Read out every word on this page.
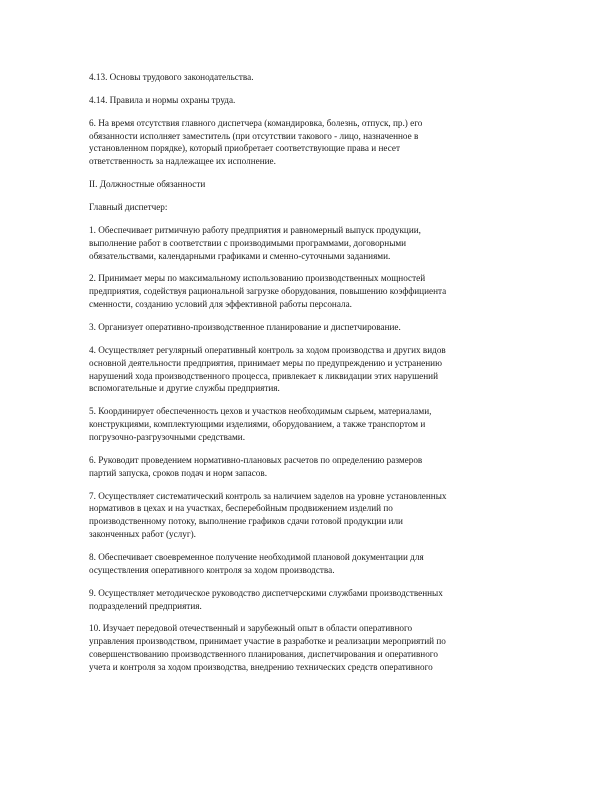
4.13. Основы трудового законодательства.

4.14. Правила и нормы охраны труда.

6. На время отсутствия главного диспетчера (командировка, болезнь, отпуск, пр.) его
обязанности исполняет заместитель (при отсутствии такового - лицо, назначенное в
установленном порядке), который приобретает соответствующие права и несет
ответственность за надлежащее их исполнение.

II. Должностные обязанности

Главный диспетчер:

1. Обеспечивает ритмичную работу предприятия и равномерный выпуск продукции,
выполнение работ в соответствии с производимыми программами, договорными
обязательствами, календарными графиками и сменно-суточными заданиями.

2. Принимает меры по максимальному использованию производственных мощностей
предприятия, содействуя рациональной загрузке оборудования, повышению коэффициента
сменности, созданию условий для эффективной работы персонала.

3. Организует оперативно-производственное планирование и диспетчирование.

4. Осуществляет регулярный оперативный контроль за ходом производства и других видов
основной деятельности предприятия, принимает меры по предупреждению и устранению
нарушений хода производственного процесса, привлекает к ликвидации этих нарушений
вспомогательные и другие службы предприятия.

5. Координирует обеспеченность цехов и участков необходимым сырьем, материалами,
конструкциями, комплектующими изделиями, оборудованием, а также транспортом и
погрузочно-разгрузочными средствами.

6. Руководит проведением нормативно-плановых расчетов по определению размеров
партий запуска, сроков подач и норм запасов.

7. Осуществляет систематический контроль за наличием заделов на уровне установленных
нормативов в цехах и на участках, бесперебойным продвижением изделий по
производственному потоку, выполнение графиков сдачи готовой продукции или
законченных работ (услуг).

8. Обеспечивает своевременное получение необходимой плановой документации для
осуществления оперативного контроля за ходом производства.

9. Осуществляет методическое руководство диспетчерскими службами производственных
подразделений предприятия.

10. Изучает передовой отечественный и зарубежный опыт в области оперативного
управления производством, принимает участие в разработке и реализации мероприятий по
совершенствованию производственного планирования, диспетчирования и оперативного
учета и контроля за ходом производства, внедрению технических средств оперативного
